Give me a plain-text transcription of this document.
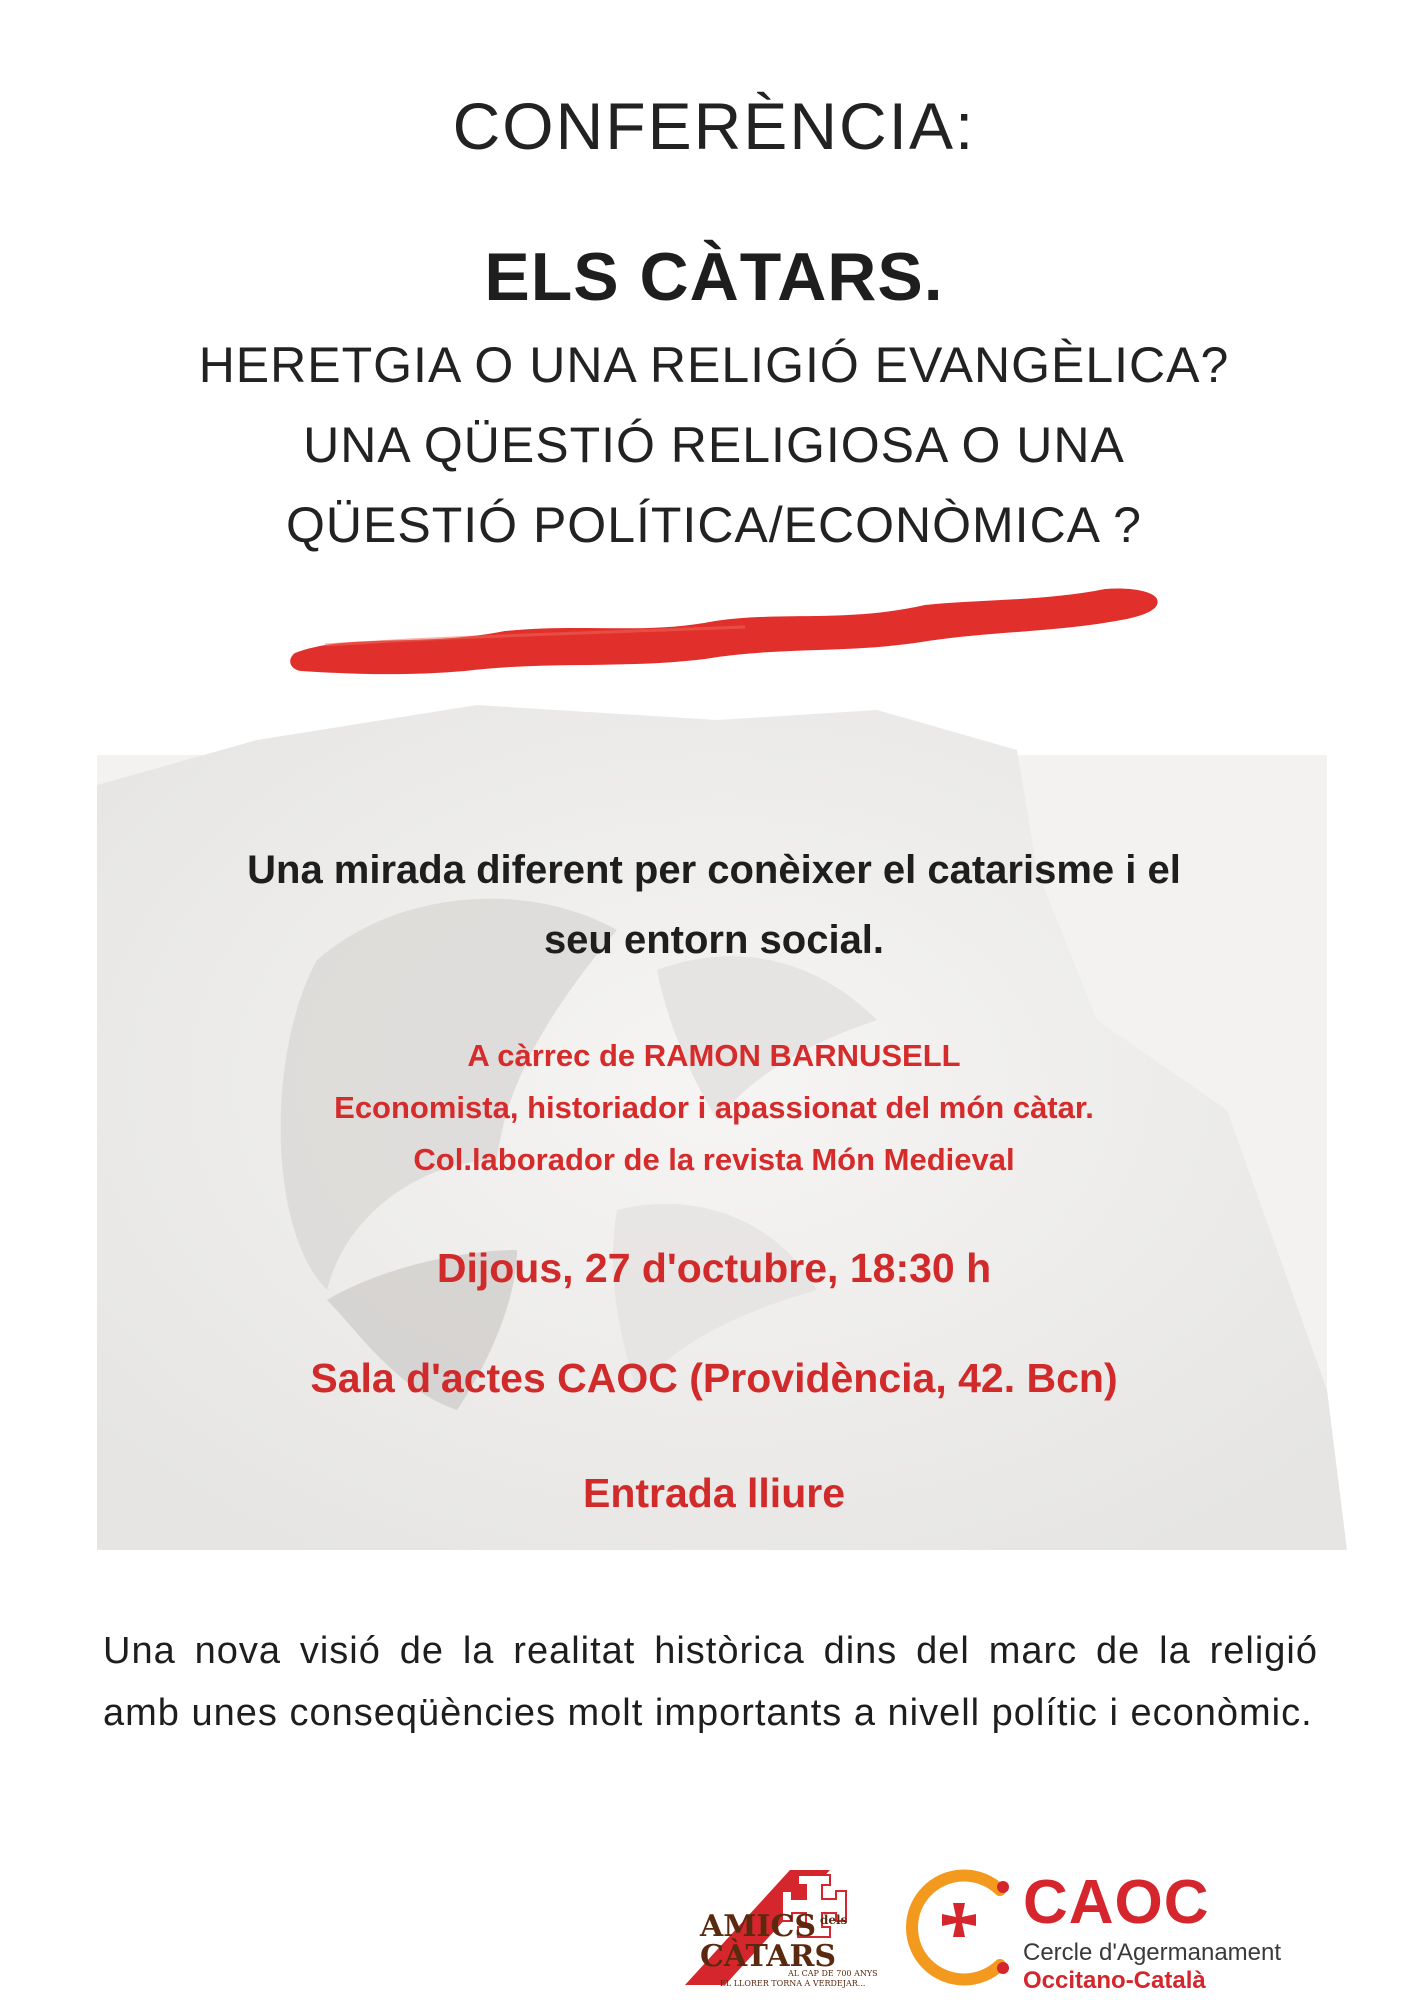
CONFERÈNCIA:
ELS CÀTARS.
HERETGIA O UNA RELIGIÓ EVANGÈLICA?
UNA QÜESTIÓ RELIGIOSA O UNA
QÜESTIÓ POLÍTICA/ECONÒMICA ?
Una mirada diferent per conèixer el catarisme i el
seu entorn social.
A càrrec de RAMON BARNUSELL
Economista, historiador i apassionat del món càtar.
Col.laborador de la revista Món Medieval
Dijous, 27 d'octubre, 18:30 h
Sala d'actes CAOC (Providència, 42. Bcn)
Entrada lliure
Una nova visió de la realitat històrica dins del marc de la religió amb unes conseqüències molt importants a nivell polític i econòmic.
AMICS dels
CÀTARS
AL CAP DE 700 ANYS
EL LLORER TORNA A VERDEJAR...
CAOC
Cercle d'Agermanament
Occitano-Català
